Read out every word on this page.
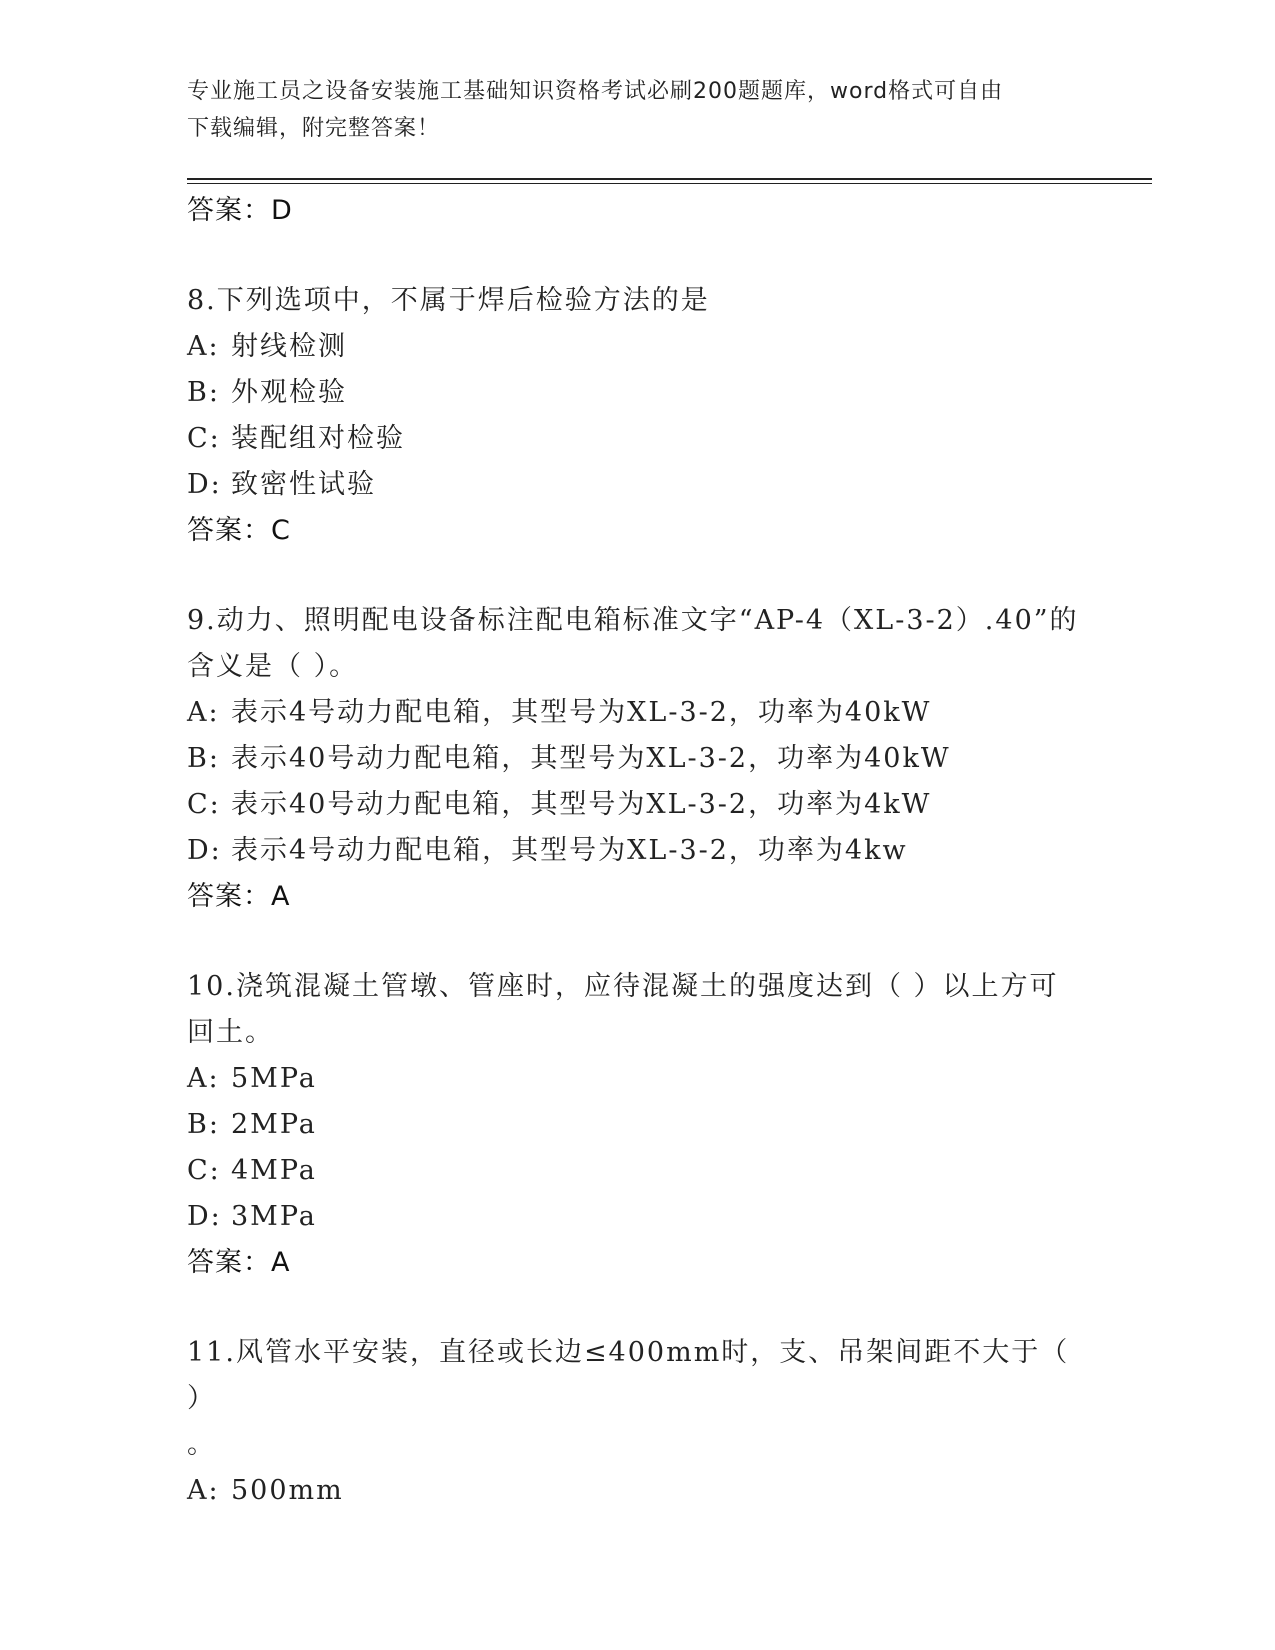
专业施工员之设备安装施工基础知识资格考试必刷200题题库，word格式可自由
下载编辑，附完整答案！
答案：D
8.下列选项中，不属于焊后检验方法的是
A: 射线检测
B: 外观检验
C: 装配组对检验
D: 致密性试验
答案：C
9.动力、照明配电设备标注配电箱标准文字“AP-4（XL-3-2）.40”的
含义是（ ）。
A: 表示4号动力配电箱，其型号为XL-3-2，功率为40kW
B: 表示40号动力配电箱，其型号为XL-3-2，功率为40kW
C: 表示40号动力配电箱，其型号为XL-3-2，功率为4kW
D: 表示4号动力配电箱，其型号为XL-3-2，功率为4kw
答案：A
10.浇筑混凝土管墩、管座时，应待混凝土的强度达到（ ）以上方可
回土。
A: 5MPa
B: 2MPa
C: 4MPa
D: 3MPa
答案：A
11.风管水平安装，直径或长边≤400mm时，支、吊架间距不大于（ ）
。
A: 500mm
